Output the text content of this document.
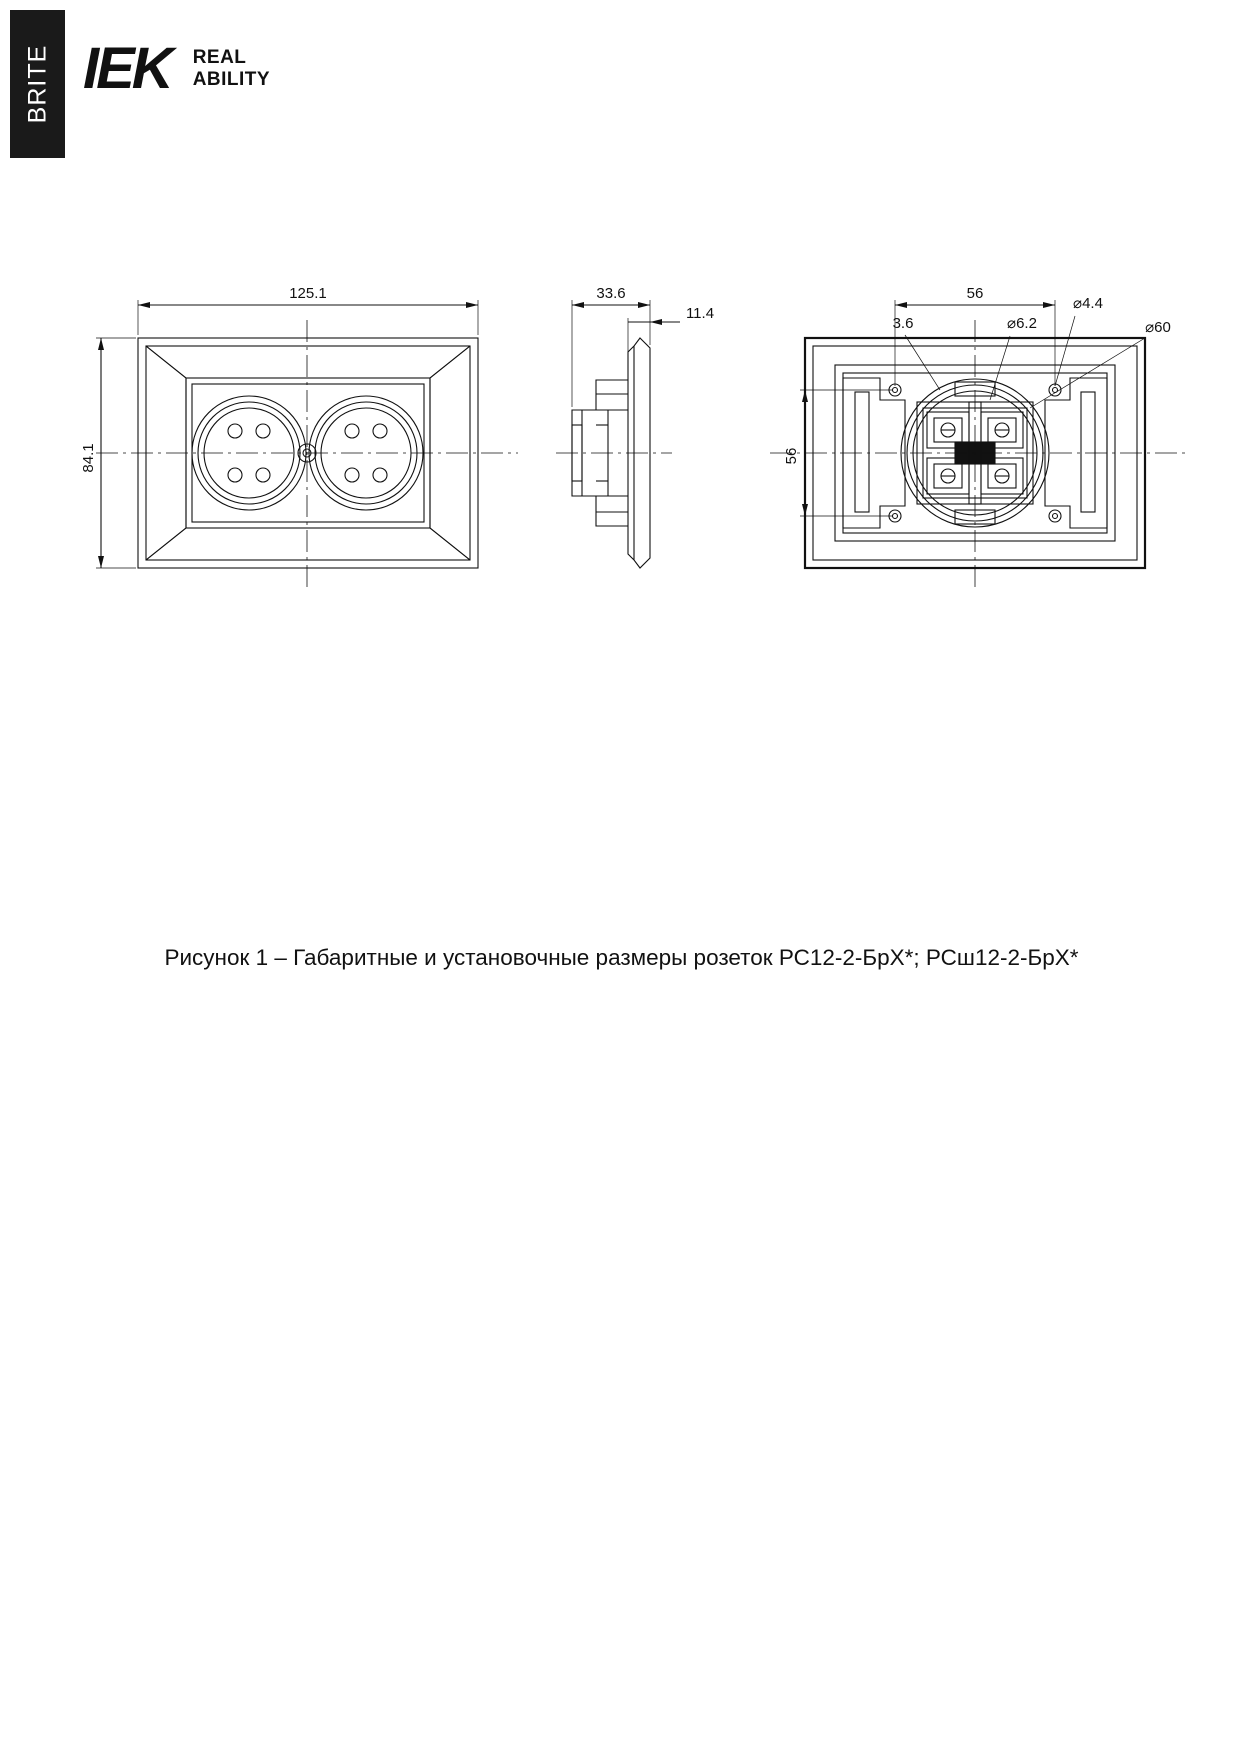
BRITE IEK REAL
ABILITY
125.1
84.1
33.6
11.4
56
56
3.6	⌀6.2
⌀4.4
⌀60
Рисунок 1 – Габаритные и установочные размеры розеток РС12-2-БрХ*; РСш12-2-БрХ*
